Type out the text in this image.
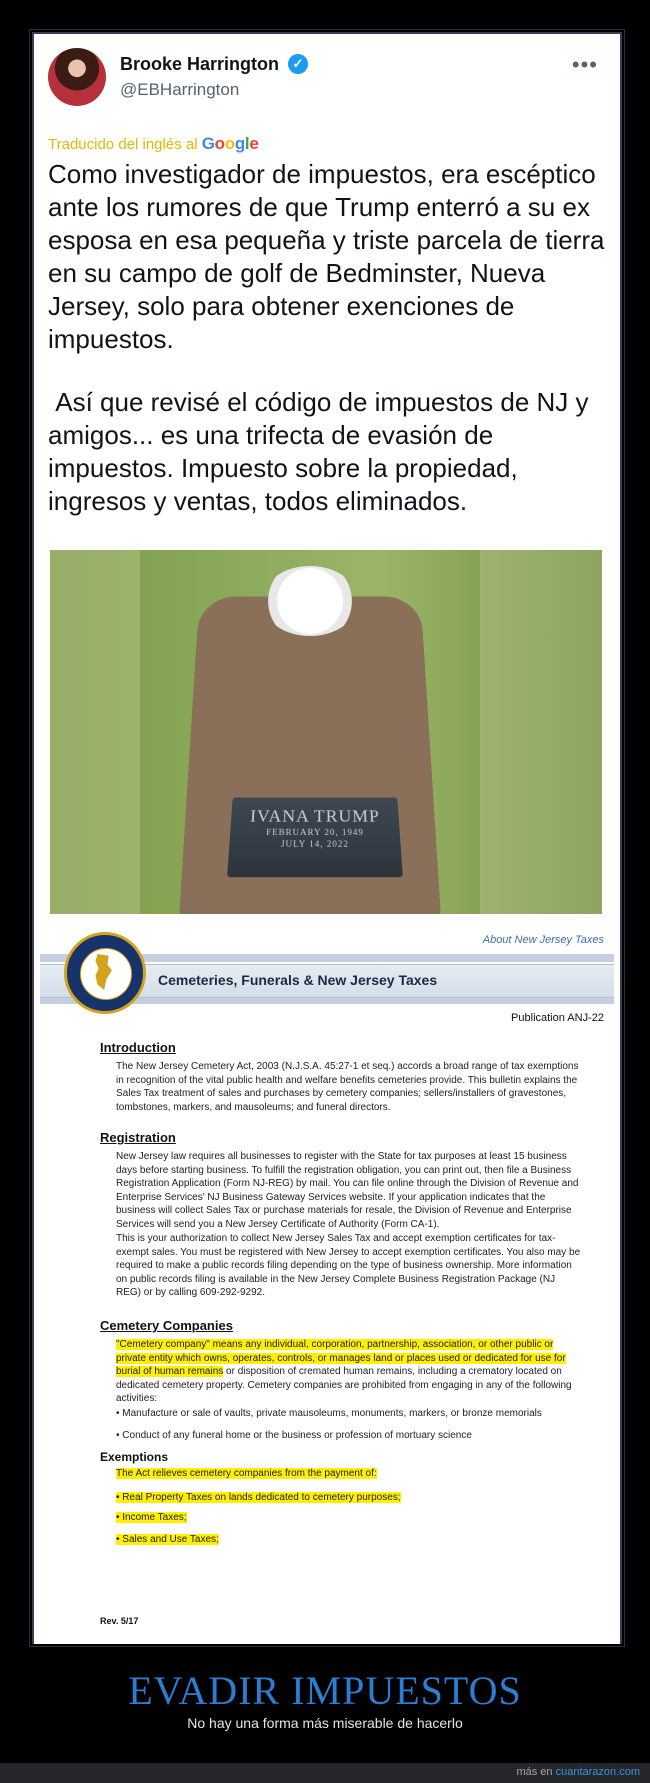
Brooke Harrington	✓
@EBHarrington
•••
Traducido del inglés al Google

Como investigador de impuestos, era escéptico ante los rumores de que Trump enterró a su ex esposa en esa pequeña y triste parcela de tierra en su campo de golf de Bedminster, Nueva Jersey, solo para obtener exenciones de impuestos.

Así que revisé el código de impuestos de NJ y amigos... es una trifecta de evasión de impuestos. Impuesto sobre la propiedad, ingresos y ventas, todos eliminados.

IVANA TRUMP
FEBRUARY 20, 1949
JULY 14, 2022
About New Jersey Taxes
Cemeteries, Funerals & New Jersey Taxes
Publication ANJ-22
Introduction

The New Jersey Cemetery Act, 2003 (N.J.S.A. 45:27-1 et seq.) accords a broad range of tax exemptions in recognition of the vital public health and welfare benefits cemeteries provide. This bulletin explains the Sales Tax treatment of sales and purchases by cemetery companies; sellers/installers of gravestones, tombstones, markers, and mausoleums; and funeral directors.

Registration

New Jersey law requires all businesses to register with the State for tax purposes at least 15 business days before starting business. To fulfill the registration obligation, you can print out, then file a Business Registration Application (Form NJ-REG) by mail. You can file online through the Division of Revenue and Enterprise Services' NJ Business Gateway Services website. If your application indicates that the business will collect Sales Tax or purchase materials for resale, the Division of Revenue and Enterprise Services will send you a New Jersey Certificate of Authority (Form CA-1).

This is your authorization to collect New Jersey Sales Tax and accept exemption certificates for tax-exempt sales. You must be registered with New Jersey to accept exemption certificates. You also may be required to make a public records filing depending on the type of business ownership. More information on public records filing is available in the New Jersey Complete Business Registration Package (NJ REG) or by calling 609-292-9292.

Cemetery Companies

"Cemetery company" means any individual, corporation, partnership, association, or other public or private entity which owns, operates, controls, or manages land or places used or dedicated for use for burial of human remains or disposition of cremated human remains, including a crematory located on dedicated cemetery property. Cemetery companies are prohibited from engaging in any of the following activities:

• Manufacture or sale of vaults, private mausoleums, monuments, markers, or bronze memorials
• Conduct of any funeral home or the business or profession of mortuary science
Exemptions
The Act relieves cemetery companies from the payment of:
• Real Property Taxes on lands dedicated to cemetery purposes;
• Income Taxes;
• Sales and Use Taxes;
Rev. 5/17
EVADIR IMPUESTOS
No hay una forma más miserable de hacerlo
más en cuantarazon.com
